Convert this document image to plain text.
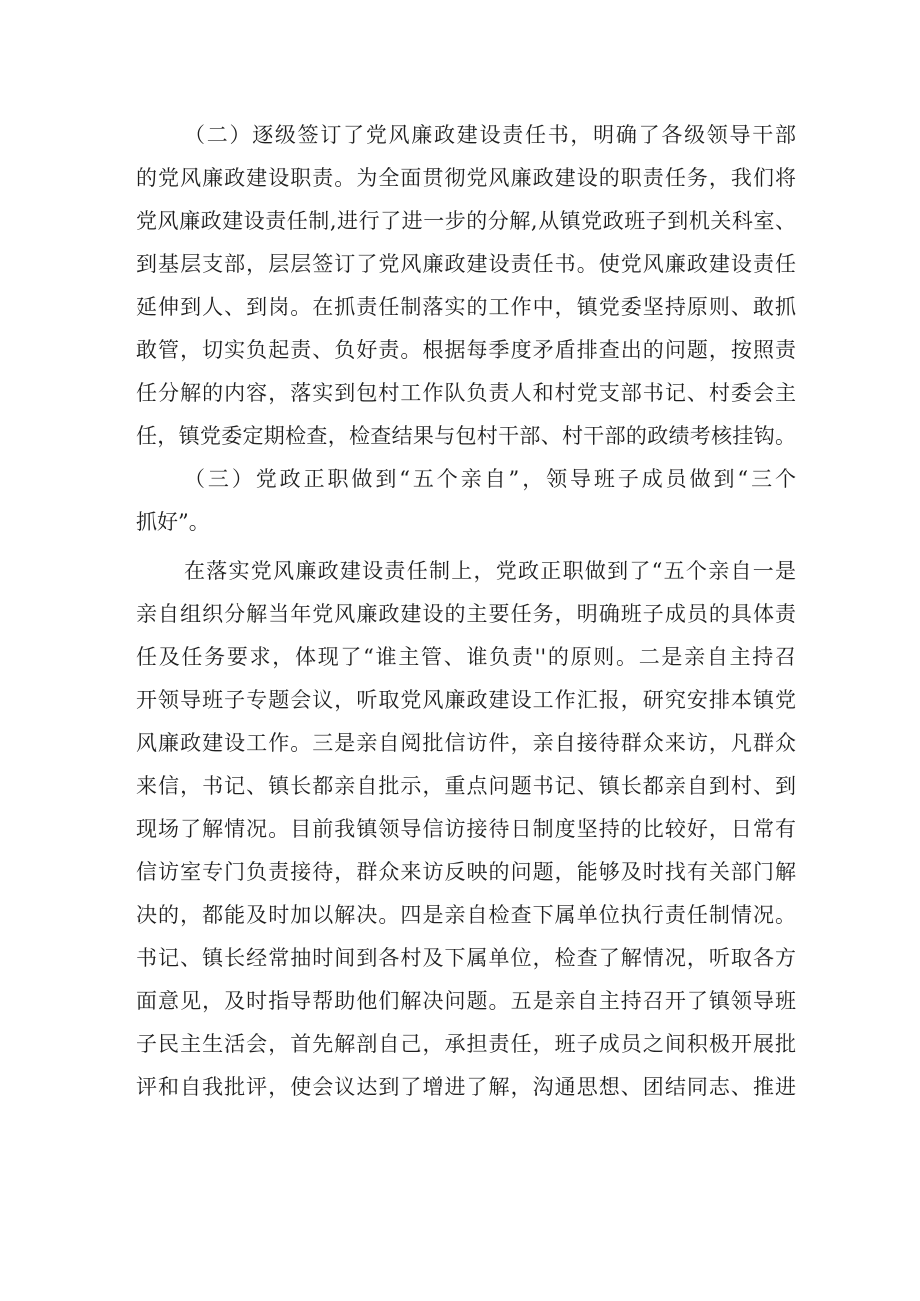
（二）逐级签订了党风廉政建设责任书，明确了各级领导干部
的党风廉政建设职责。为全面贯彻党风廉政建设的职责任务，我们将
党风廉政建设责任制,进行了进一步的分解,从镇党政班子到机关科室、
到基层支部，层层签订了党风廉政建设责任书。使党风廉政建设责任
延伸到人、到岗。在抓责任制落实的工作中，镇党委坚持原则、敢抓
敢管，切实负起责、负好责。根据每季度矛盾排查出的问题，按照责
任分解的内容，落实到包村工作队负责人和村党支部书记、村委会主
任，镇党委定期检查，检查结果与包村干部、村干部的政绩考核挂钩。
（三）党政正职做到“五个亲自”，领导班子成员做到“三个
抓好”。
在落实党风廉政建设责任制上，党政正职做到了“五个亲自一是
亲自组织分解当年党风廉政建设的主要任务，明确班子成员的具体责
任及任务要求，体现了“谁主管、谁负责''的原则。二是亲自主持召
开领导班子专题会议，听取党风廉政建设工作汇报，研究安排本镇党
风廉政建设工作。三是亲自阅批信访件，亲自接待群众来访，凡群众
来信，书记、镇长都亲自批示，重点问题书记、镇长都亲自到村、到
现场了解情况。目前我镇领导信访接待日制度坚持的比较好，日常有
信访室专门负责接待，群众来访反映的问题，能够及时找有关部门解
决的，都能及时加以解决。四是亲自检查下属单位执行责任制情况。
书记、镇长经常抽时间到各村及下属单位，检查了解情况，听取各方
面意见，及时指导帮助他们解决问题。五是亲自主持召开了镇领导班
子民主生活会，首先解剖自己，承担责任，班子成员之间积极开展批
评和自我批评，使会议达到了增进了解，沟通思想、团结同志、推进
